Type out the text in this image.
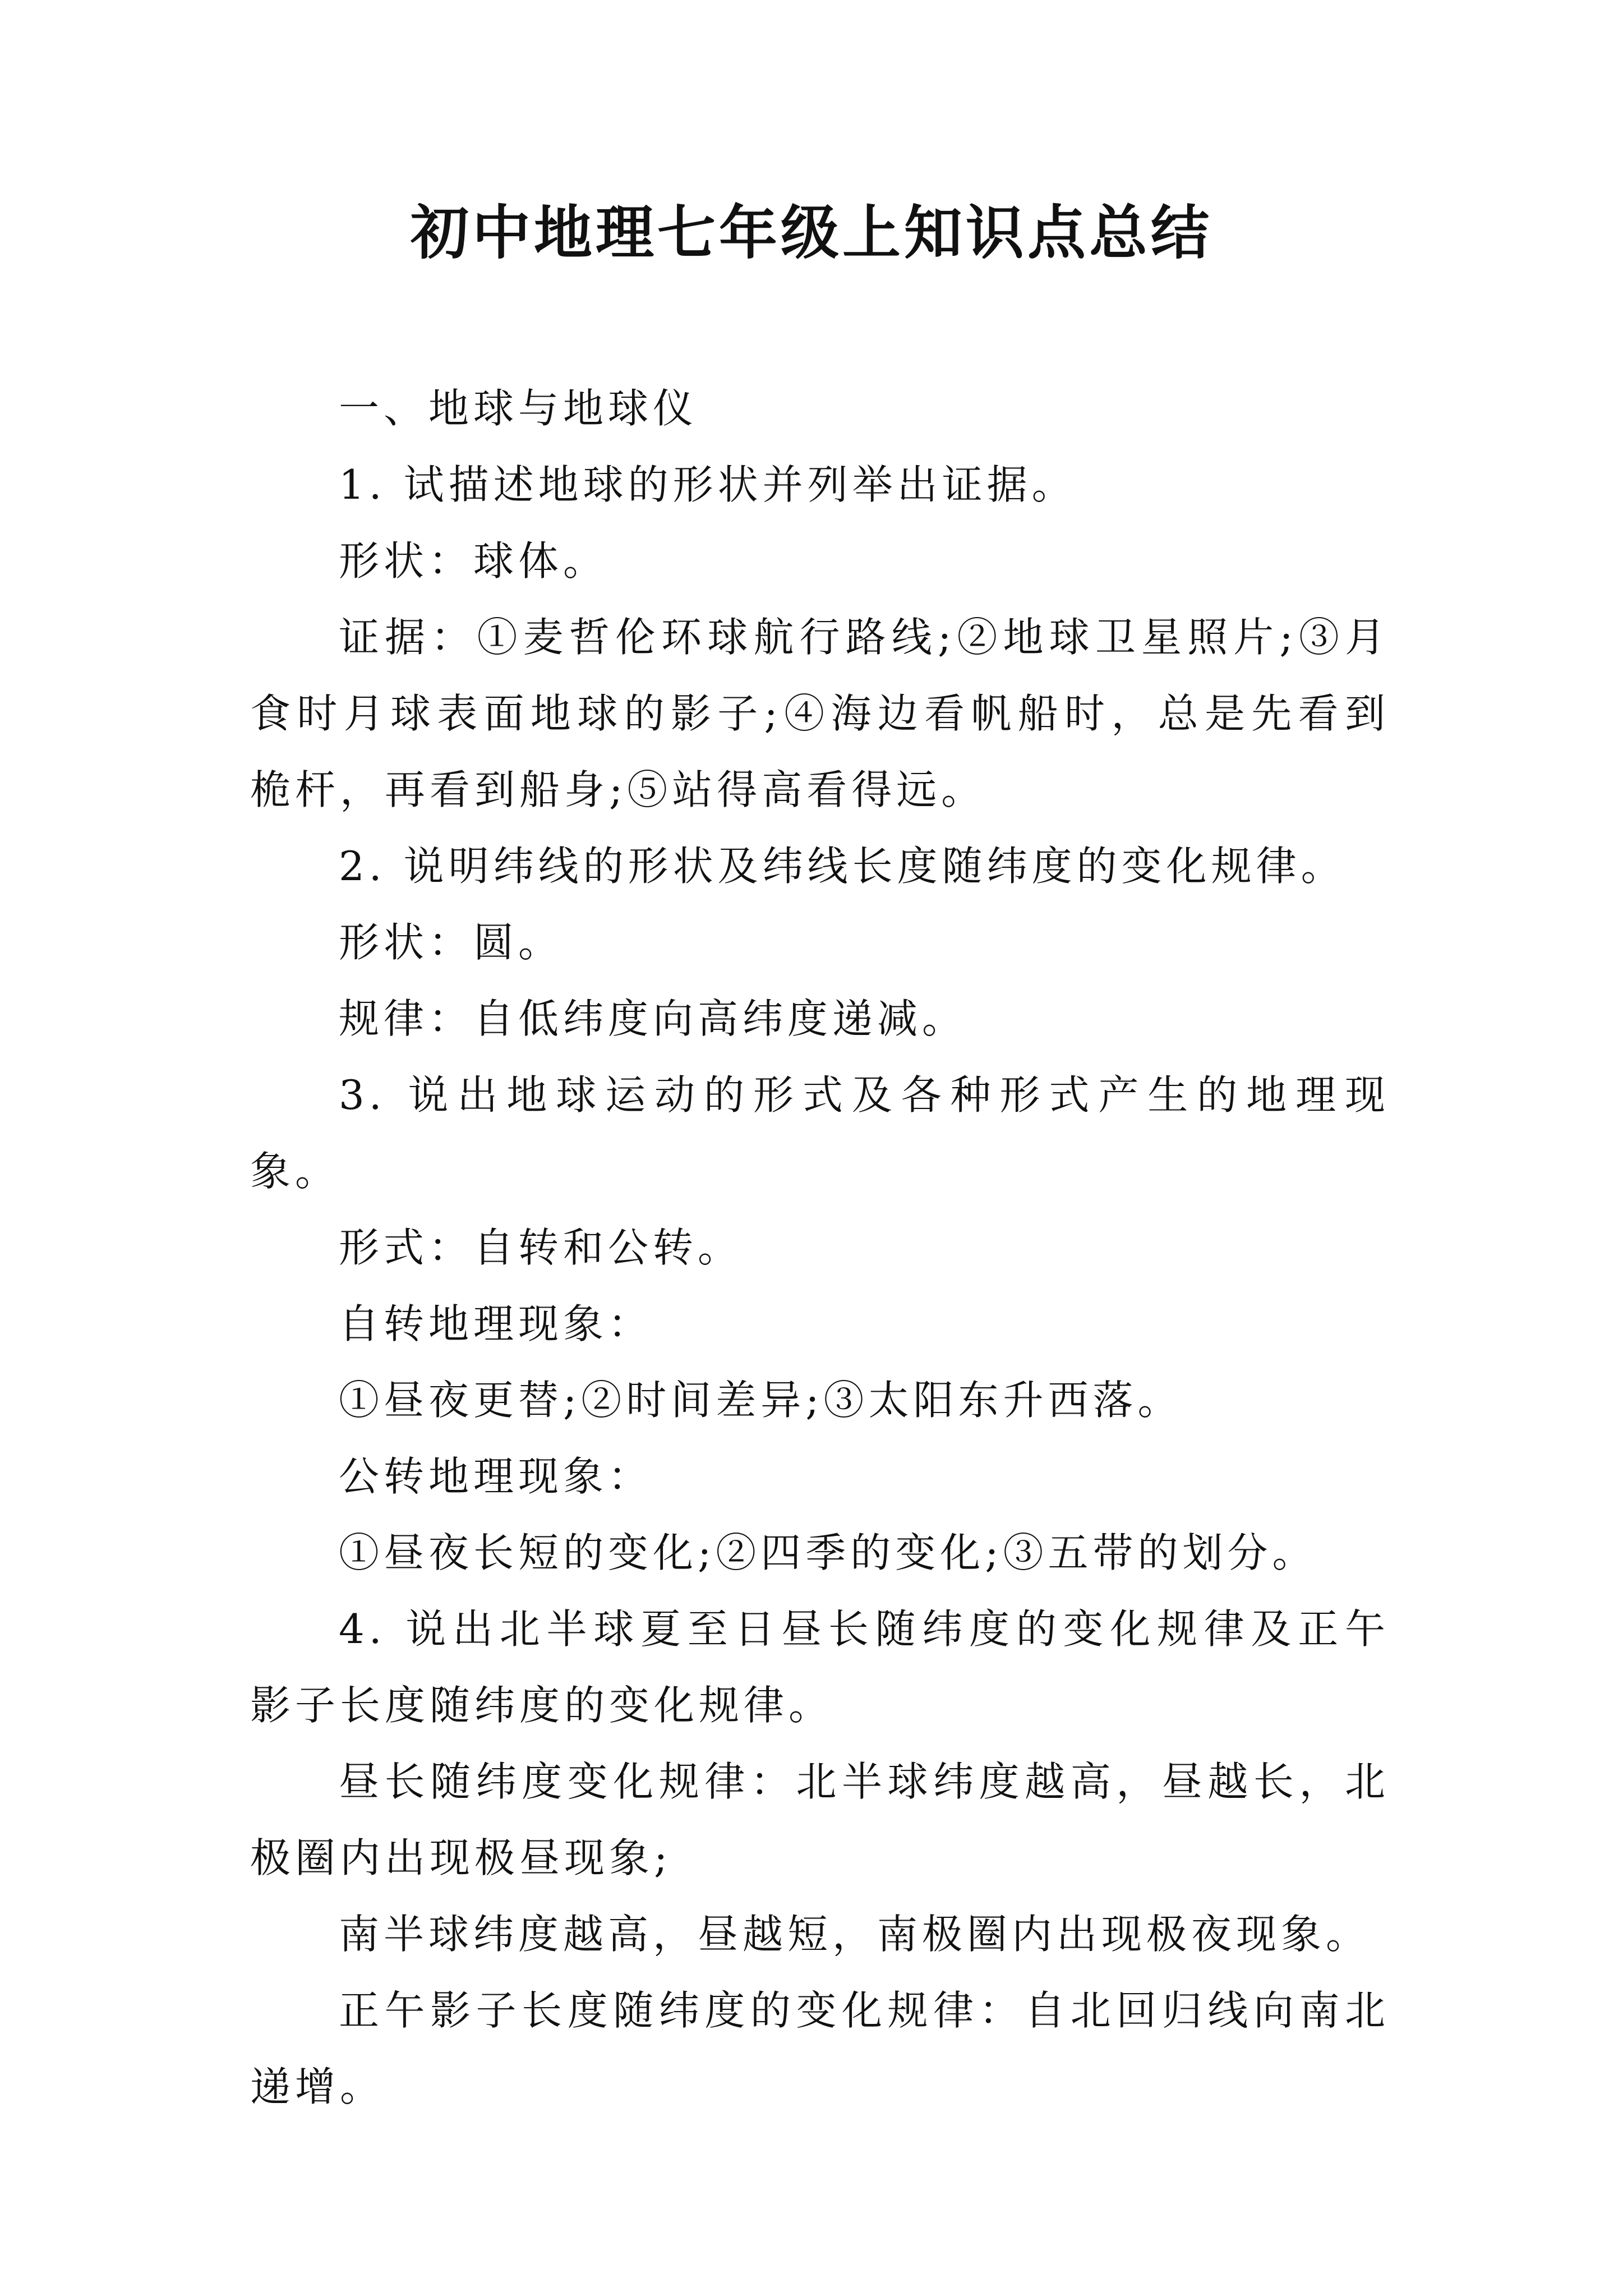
初中地理七年级上知识点总结

一、地球与地球仪

1. 试描述地球的形状并列举出证据。

形状：球体。

证据：①麦哲伦环球航行路线;②地球卫星照片;③月食时月球表面地球的影子;④海边看帆船时，总是先看到桅杆，再看到船身;⑤站得高看得远。

2. 说明纬线的形状及纬线长度随纬度的变化规律。

形状：圆。

规律：自低纬度向高纬度递减。

3. 说出地球运动的形式及各种形式产生的地理现象。

形式：自转和公转。

自转地理现象：

①昼夜更替;②时间差异;③太阳东升西落。

公转地理现象：

①昼夜长短的变化;②四季的变化;③五带的划分。

4. 说出北半球夏至日昼长随纬度的变化规律及正午影子长度随纬度的变化规律。

昼长随纬度变化规律：北半球纬度越高，昼越长，北极圈内出现极昼现象;

南半球纬度越高，昼越短，南极圈内出现极夜现象。

正午影子长度随纬度的变化规律：自北回归线向南北递增。
